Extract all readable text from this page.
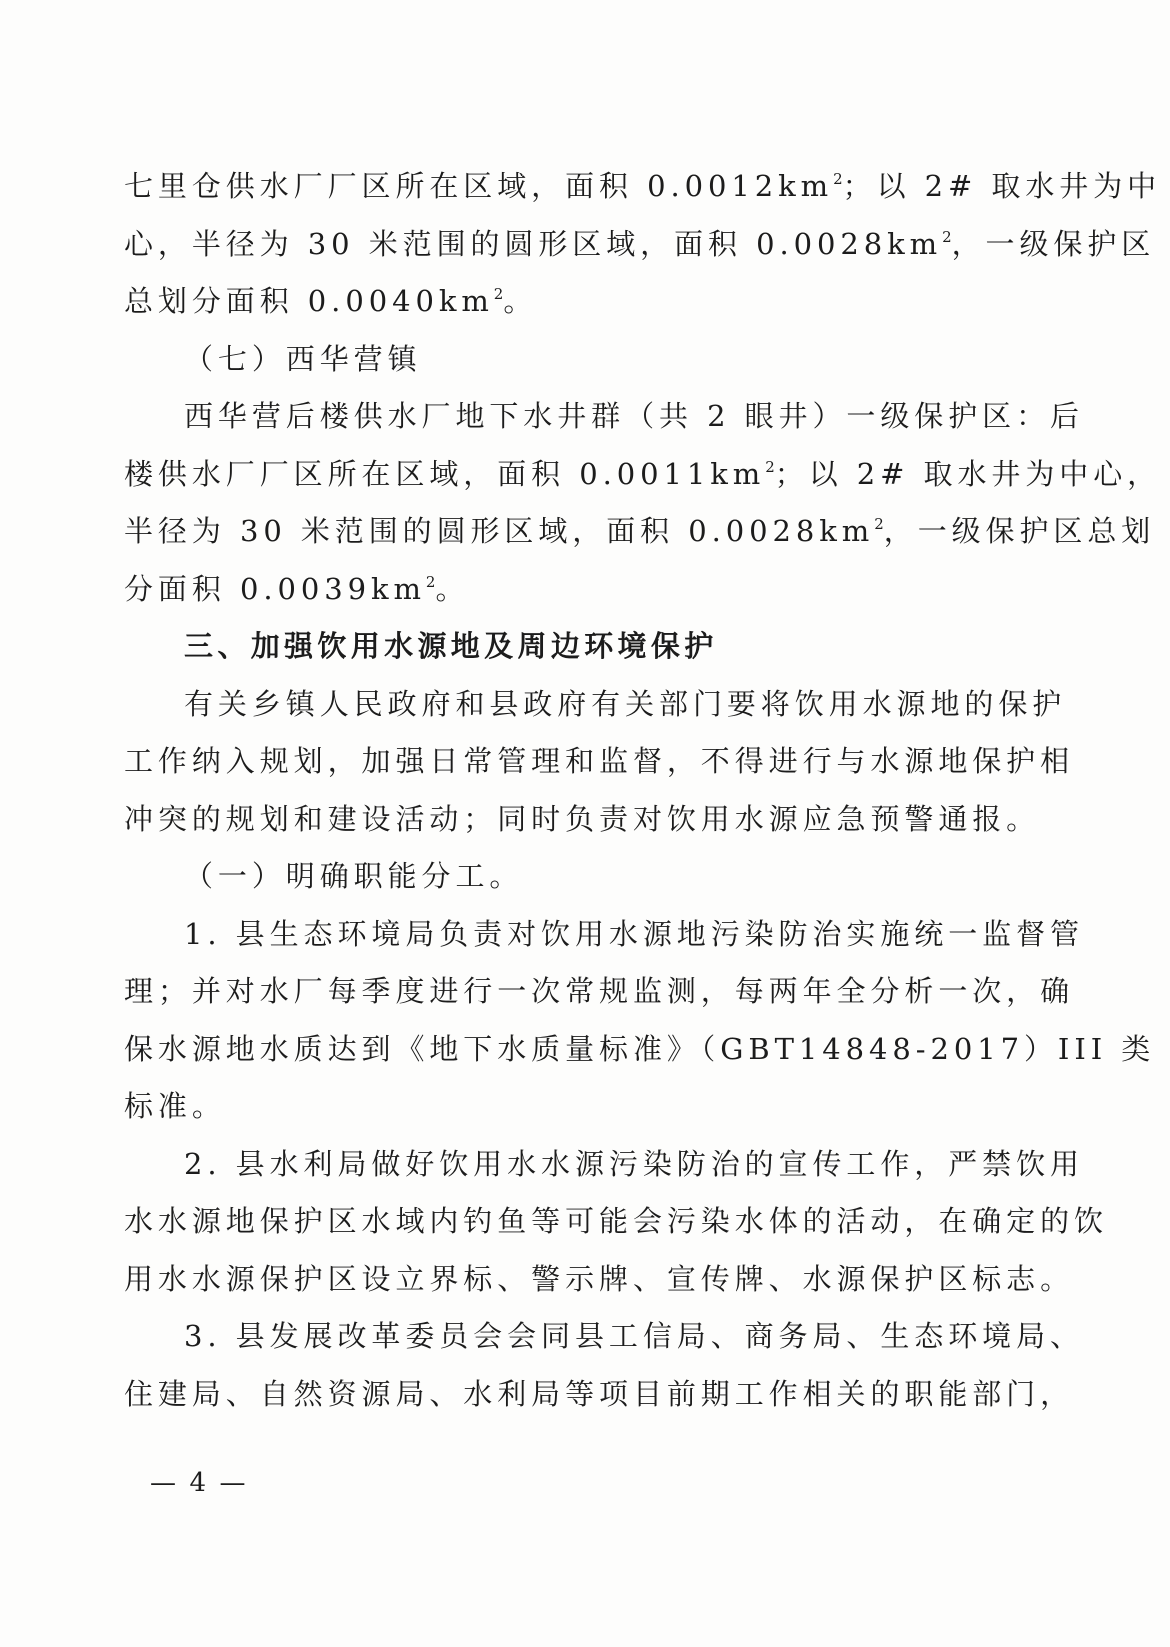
七里仓供水厂厂区所在区域，面积 $0.0012km^2$；以 2# 取水井为中
心，半径为 30 米范围的圆形区域，面积 $0.0028km^2$，一级保护区
总划分面积 $0.0040km^2$。
（七）西华营镇
西华营后楼供水厂地下水井群（共 2 眼井）一级保护区：后
楼供水厂厂区所在区域，面积 $0.0011km^2$；以 2# 取水井为中心，
半径为 30 米范围的圆形区域，面积 $0.0028km^2$，一级保护区总划
分面积 $0.0039km^2$。
三、加强饮用水源地及周边环境保护
有关乡镇人民政府和县政府有关部门要将饮用水源地的保护
工作纳入规划，加强日常管理和监督，不得进行与水源地保护相
冲突的规划和建设活动；同时负责对饮用水源应急预警通报。
（一）明确职能分工。
1. 县生态环境局负责对饮用水源地污染防治实施统一监督管
理；并对水厂每季度进行一次常规监测，每两年全分析一次，确
保水源地水质达到《地下水质量标准》（GBT14848-2017）III 类
标准。
2. 县水利局做好饮用水水源污染防治的宣传工作，严禁饮用
水水源地保护区水域内钓鱼等可能会污染水体的活动，在确定的饮
用水水源保护区设立界标、警示牌、宣传牌、水源保护区标志。
3. 县发展改革委员会会同县工信局、商务局、生态环境局、
住建局、自然资源局、水利局等项目前期工作相关的职能部门，
— 4 —
